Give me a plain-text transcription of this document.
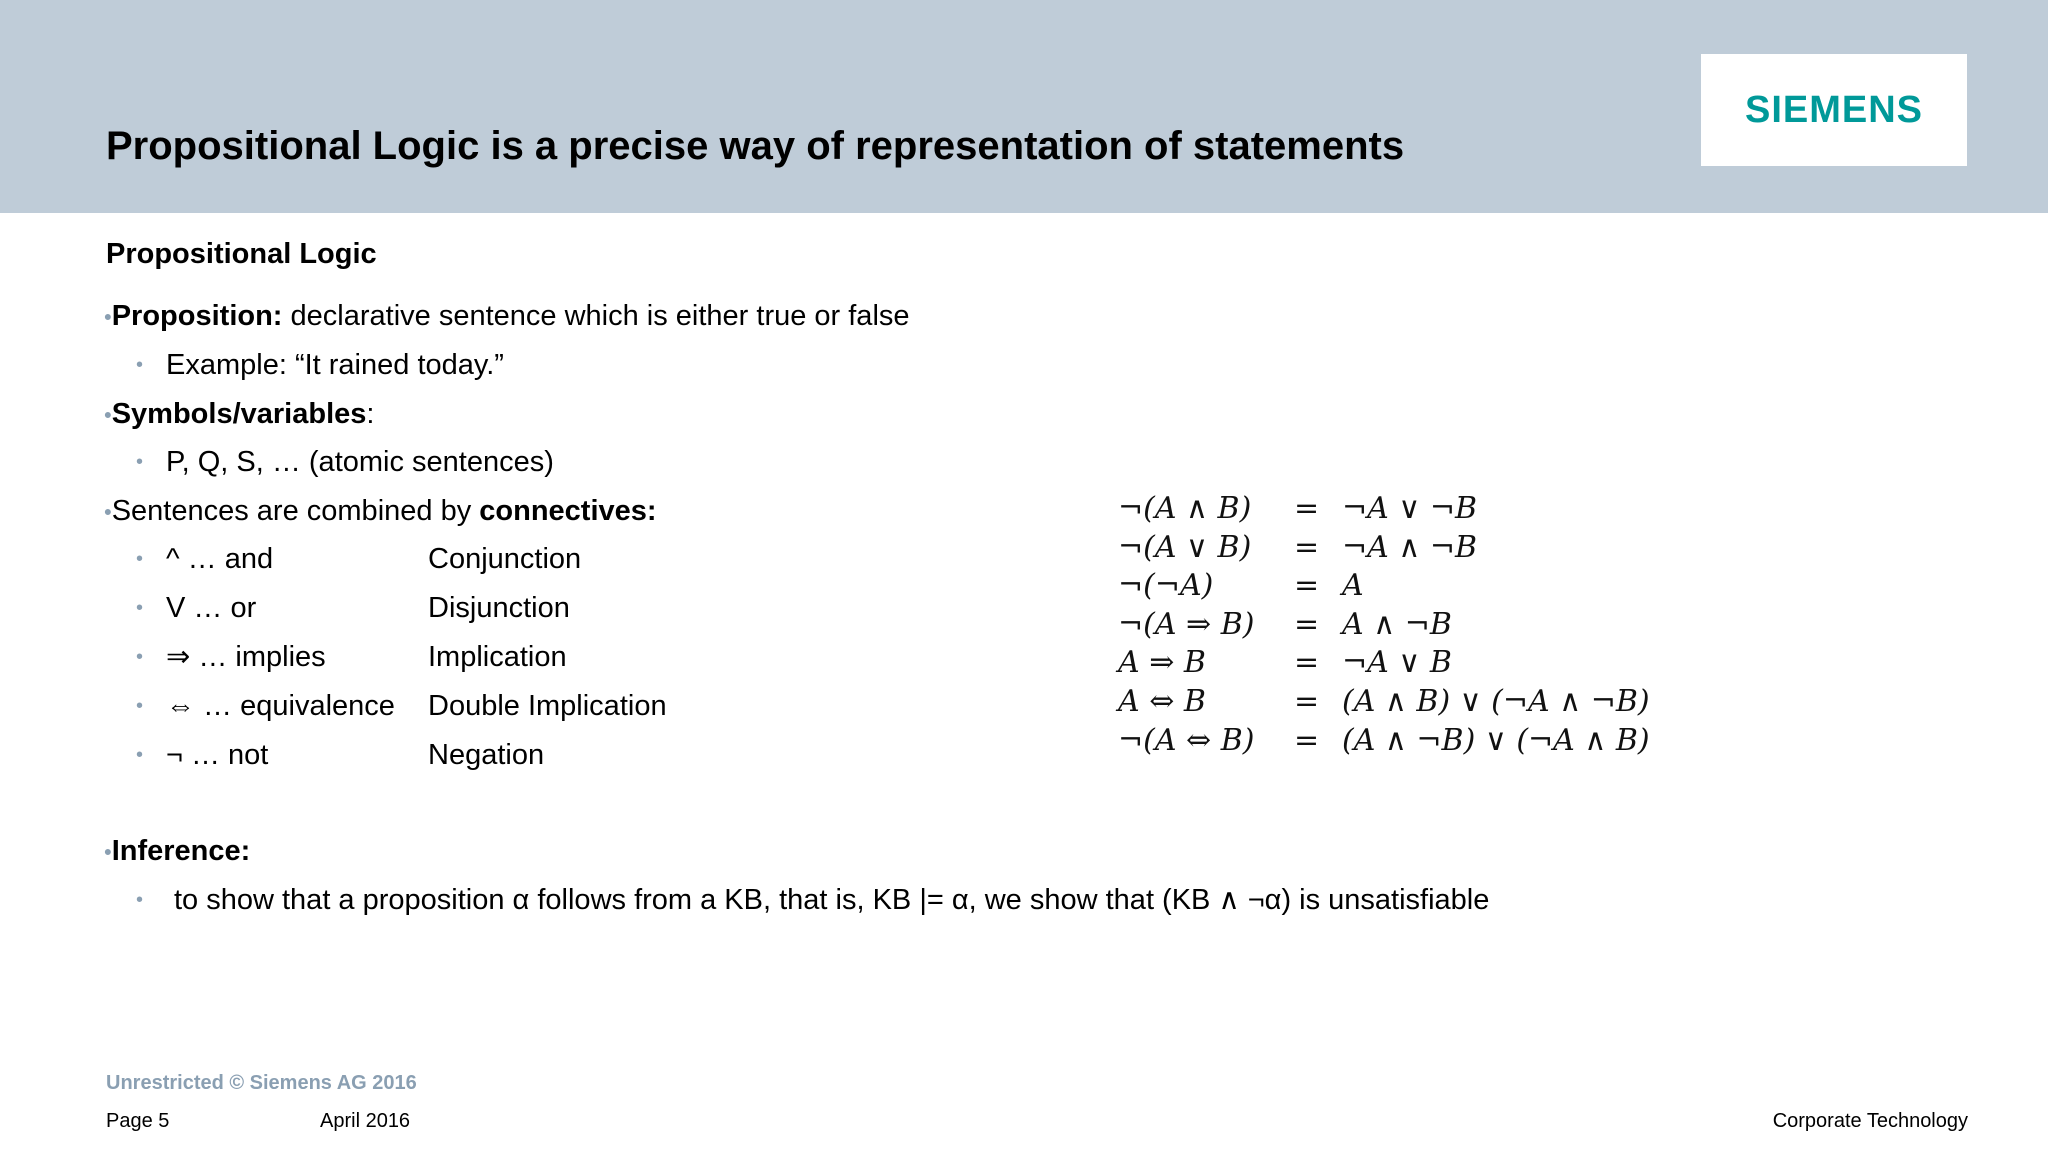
Propositional Logic is a precise way of representation of statements
SIEMENS
Propositional Logic
•Proposition: declarative sentence which is either true or false
• Example: “It rained today.”
•Symbols/variables:
• P, Q, S, … (atomic sentences)
•Sentences are combined by connectives:
• ^ … and	Conjunction
• V … or	Disjunction
• ⇒ … implies	Implication
• ⇔ … equivalence Double Implication
• ¬ … not	Negation
¬(A ∧ B) = ¬A ∨ ¬B
¬(A ∨ B) = ¬A ∧ ¬B
¬(¬A)	= A
¬(A ⇒ B) = A ∧ ¬B
A ⇒ B	= ¬A ∨ B
A ⇔ B	= (A ∧ B) ∨ (¬A ∧ ¬B)
¬(A ⇔ B) = (A ∧ ¬B) ∨ (¬A ∧ B)
•Inference:
• to show that a proposition α follows from a KB, that is, KB |= α, we show that (KB ∧ ¬α) is unsatisfiable
Unrestricted © Siemens AG 2016
Page 5	April 2016	Corporate Technology
